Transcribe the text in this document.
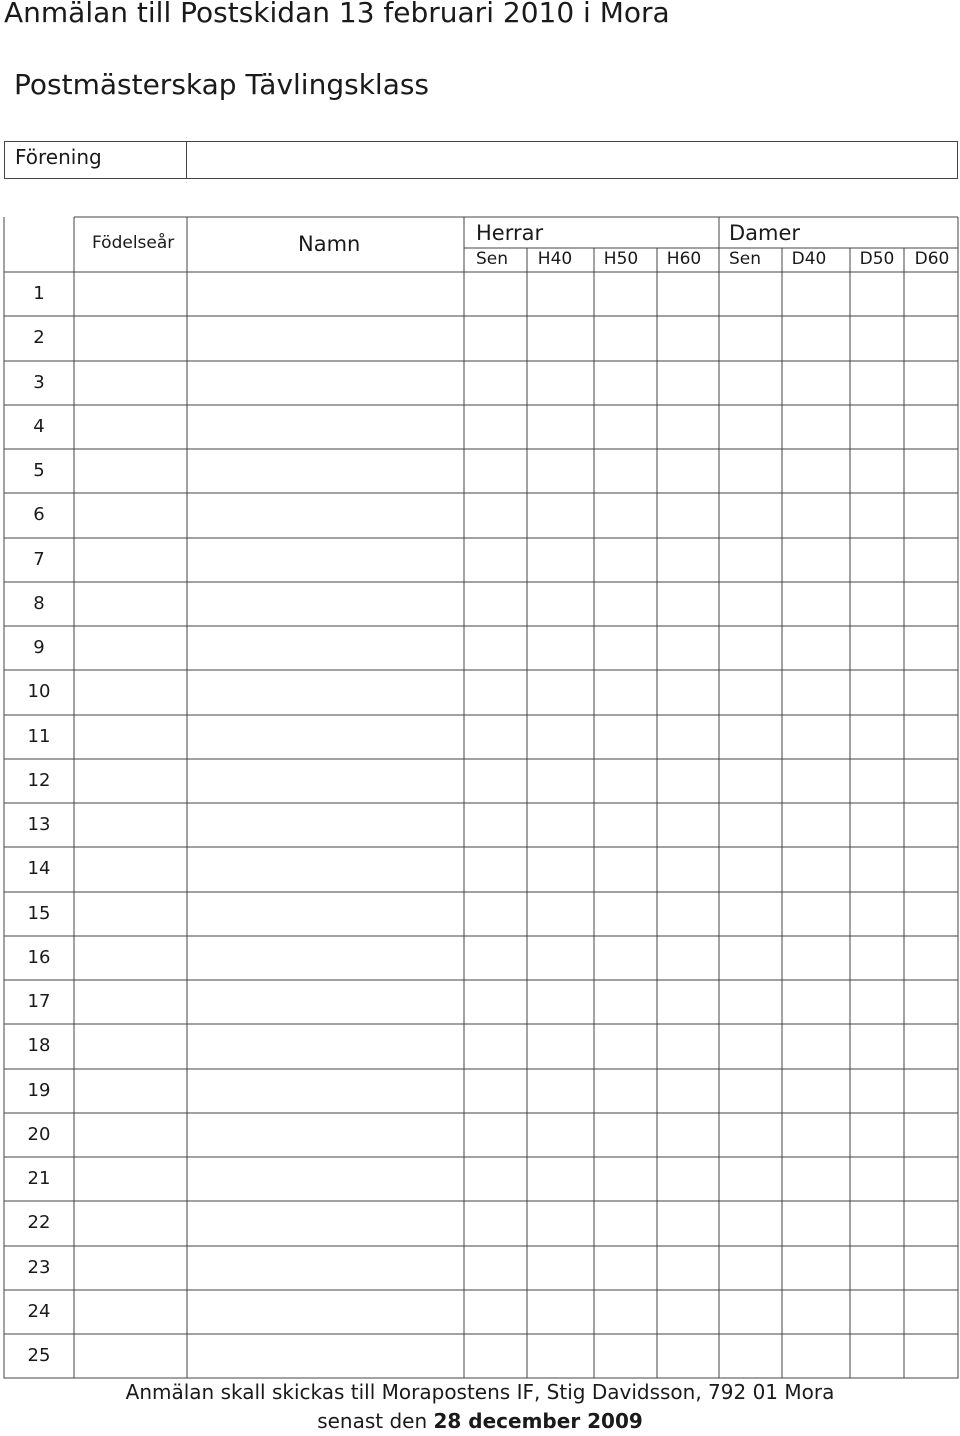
Anmälan till Postskidan 13 februari 2010 i Mora
Postmästerskap Tävlingsklass
Förening
Födelseår	Namn	Herrar	Damer
Sen	H40	H50	H60	Sen	D40	D50	D60
1
2
3
4
5
6
7
8
9
10
11
12
13
14
15
16
17
18
19
20
21
22
23
24
25
Anmälan skall skickas till Morapostens IF, Stig Davidsson, 792 01 Mora
senast den 28 december 2009
